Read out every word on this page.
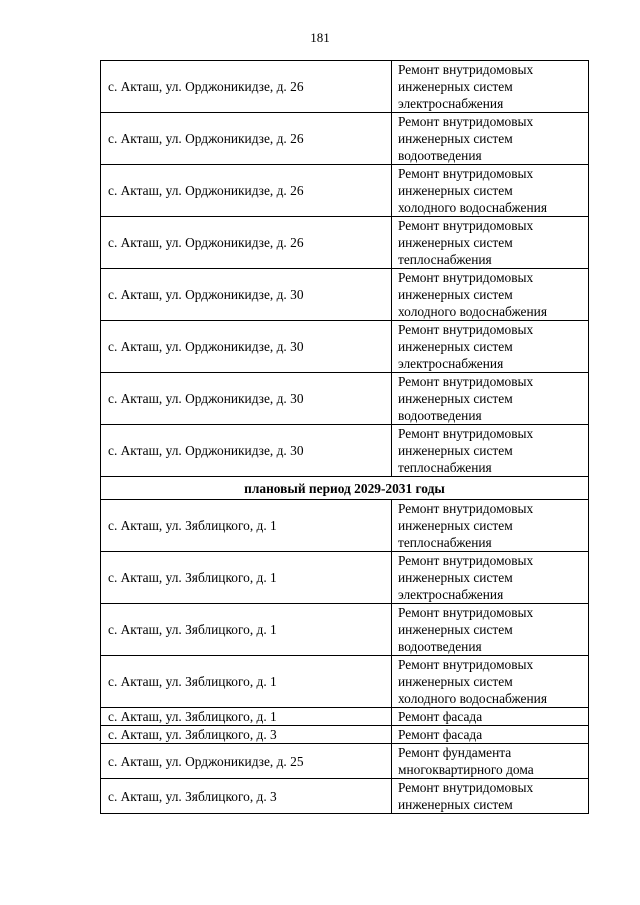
181
с. Акташ, ул. Орджоникидзе, д. 26	Ремонт внутридомовых
инженерных систем
электроснабжения

с. Акташ, ул. Орджоникидзе, д. 26	Ремонт внутридомовых
инженерных систем
водоотведения

с. Акташ, ул. Орджоникидзе, д. 26	Ремонт внутридомовых
инженерных систем
холодного водоснабжения

с. Акташ, ул. Орджоникидзе, д. 26	Ремонт внутридомовых
инженерных систем
теплоснабжения

с. Акташ, ул. Орджоникидзе, д. 30	Ремонт внутридомовых
инженерных систем
холодного водоснабжения

с. Акташ, ул. Орджоникидзе, д. 30	Ремонт внутридомовых
инженерных систем
электроснабжения

с. Акташ, ул. Орджоникидзе, д. 30	Ремонт внутридомовых
инженерных систем
водоотведения

с. Акташ, ул. Орджоникидзе, д. 30	Ремонт внутридомовых
инженерных систем
теплоснабжения

плановый период 2029-2031 годы	
с. Акташ, ул. Зяблицкого, д. 1	Ремонт внутридомовых
инженерных систем
теплоснабжения

с. Акташ, ул. Зяблицкого, д. 1	Ремонт внутридомовых
инженерных систем
электроснабжения

с. Акташ, ул. Зяблицкого, д. 1	Ремонт внутридомовых
инженерных систем
водоотведения

с. Акташ, ул. Зяблицкого, д. 1	Ремонт внутридомовых
инженерных систем
холодного водоснабжения

с. Акташ, ул. Зяблицкого, д. 1	Ремонт фасада

с. Акташ, ул. Зяблицкого, д. 3	Ремонт фасада

с. Акташ, ул. Орджоникидзе, д. 25	Ремонт фундамента
многоквартирного дома

с. Акташ, ул. Зяблицкого, д. 3	Ремонт внутридомовых
инженерных систем
